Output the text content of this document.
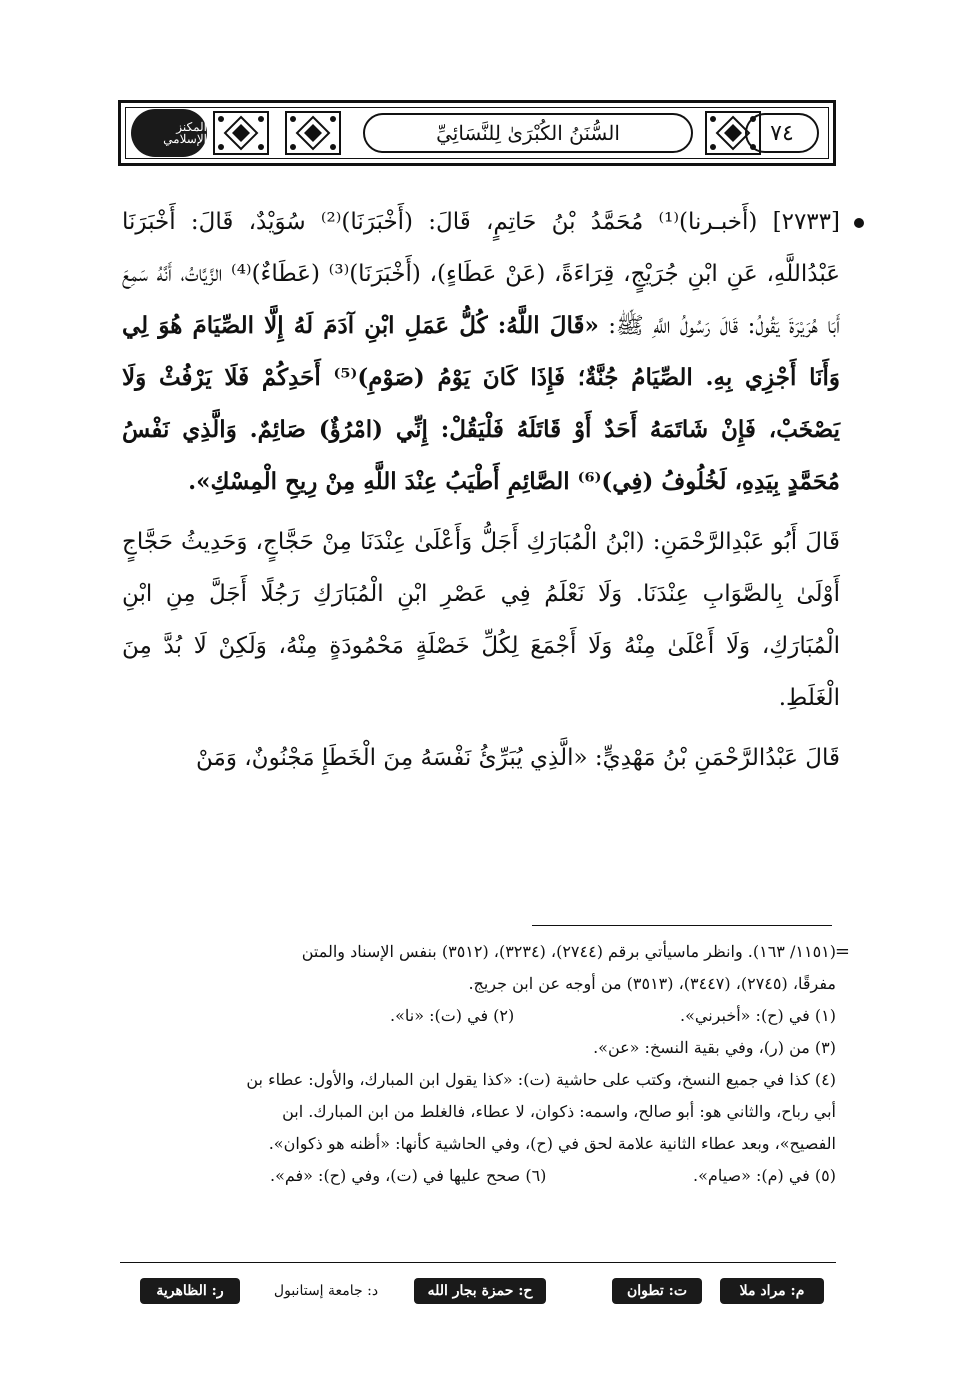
المكنز الإسلامي	السُّنَنُ الكُبْرَىٰ لِلنَّسَائِيِّ	٧٤

[٢٧٣٣] (أَخبـرنا)⁽¹⁾ مُحَمَّدُ بْنُ حَاتِمٍ، قَالَ: (أَخْبَرَنَا)⁽²⁾ سُوَيْدٌ، قَالَ: أَخْبَرَنَا عَبْدُاللَّهِ، عَنِ ابْنِ جُرَيْجٍ، قِرَاءَةً، (عَنْ عَطَاءٍ)، (أَخْبَرَنَا)⁽³⁾ (عَطَاءٌ)⁽⁴⁾ الزَّيَّاتُ، أَنَّهُ سَمِعَ أَبَا هُرَيْرَةَ يَقُولُ: قَالَ رَسُولُ اللَّهِ ﷺ: «قَالَ اللَّهُ: كُلُّ عَمَلِ ابْنِ آدَمَ لَهُ إِلَّا الصِّيَامَ هُوَ لِي وَأَنَا أَجْزِي بِهِ. الصِّيَامُ جُنَّةٌ؛ فَإِذَا كَانَ يَوْمُ (صَوْمِ)⁽⁵⁾ أَحَدِكُمْ فَلَا يَرْفُثْ وَلَا يَصْخَبْ، فَإِنْ شَاتَمَهُ أَحَدٌ أَوْ قَاتَلَهُ فَلْيَقُلْ: إِنِّي (امْرُؤٌ) صَائِمٌ. وَالَّذِي نَفْسُ مُحَمَّدٍ بِيَدِهِ، لَخُلُوفُ (فِي)⁽⁶⁾ الصَّائِمِ أَطْيَبُ عِنْدَ اللَّهِ مِنْ رِيحِ الْمِسْكِ».

قَالَ أَبُو عَبْدِالرَّحْمَنِ: (ابْنُ الْمُبَارَكِ أَجَلُّ وَأَعْلَىٰ عِنْدَنَا مِنْ حَجَّاجٍ، وَحَدِيثُ حَجَّاجٍ أَوْلَىٰ بِالصَّوَابِ عِنْدَنَا. وَلَا نَعْلَمُ فِي عَصْرِ ابْنِ الْمُبَارَكِ رَجُلًا أَجَلَّ مِنِ ابْنِ الْمُبَارَكِ، وَلَا أَعْلَىٰ مِنْهُ وَلَا أَجْمَعَ لِكُلِّ خَصْلَةٍ مَحْمُودَةٍ مِنْهُ، وَلَكِنْ لَا بُدَّ مِنَ الْغَلَطِ.

قَالَ عَبْدُالرَّحْمَنِ بْنُ مَهْدِيٍّ: «الَّذِي يُبَرِّئُ نَفْسَهُ مِنَ الْخَطَإِ مَجْنُونٌ، وَمَنْ

=

(١١٥١/ ١٦٣). وانظر ماسيأتي برقم (٢٧٤٤)، (٣٢٣٤)، (٣٥١٢) بنفس الإسناد والمتن

مفرقًا، (٢٧٤٥)، (٣٤٤٧)، (٣٥١٣) من أوجه عن ابن جريج.

(١) في (ح): «أخبرني».
(٢) في (ت): «نا».

(٣) من (ر)، وفي بقية النسخ: «عن».

(٤) كذا في جميع النسخ، وكتب على حاشية (ت): «كذا يقول ابن المبارك، والأول: عطاء بن

أبي رباح، والثاني هو: أبو صالح، واسمه: ذكوان، لا عطاء، فالغلط من ابن المبارك. ابن

الفصيح»، وبعد عطاء الثانية علامة لحق في (ح)، وفي الحاشية كأنها: «أظنه هو ذكوان».

(٥) في (م): «صيام».
(٦) صحح عليها في (ت)، وفي (ح): «فم».
م: مراد ملا
ت: تطوان
ح: حمزة بجار الله
د: جامعة إستانبول
ر: الظاهرية
